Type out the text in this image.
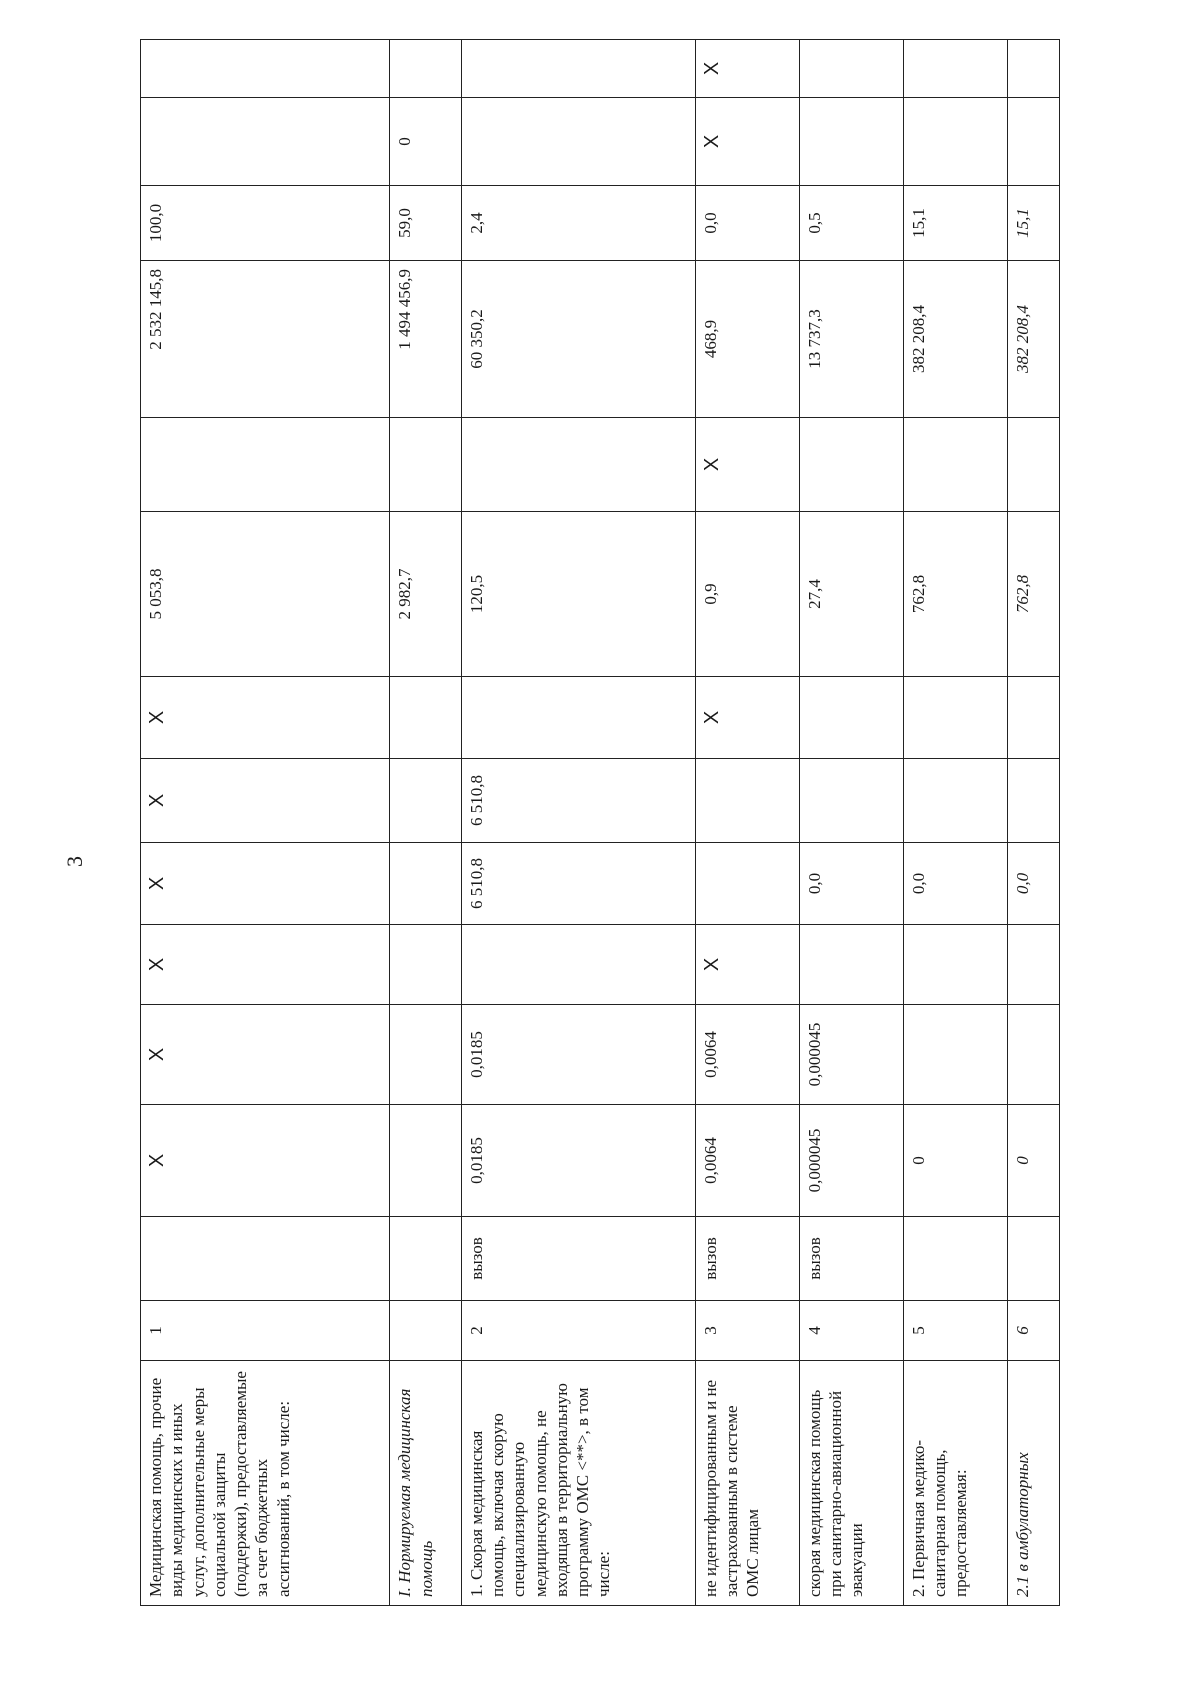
3
Медицинская помощь, прочие виды медицинских и иных услуг, дополнительные меры социальной защиты (поддержки), предоставляемые за счет бюджетных ассигнований, в том числе:	1		X	X	X	X	X	X	5 053,8		2 532 145,8	100,0		
I. Нормируемая медицинская помощь									2 982,7		1 494 456,9	59,0	0	
1. Скорая медицинская помощь, включая скорую специализированную медицинскую помощь, не входящая в территориальную программу ОМС <**>, в том числе:	2	вызов	0,0185	0,0185		6 510,8	6 510,8		120,5		60 350,2	2,4		
не идентифицированным и не застрахованным в системе ОМС лицам	3	вызов	0,0064	0,0064	X			X	0,9	X	468,9	0,0	X	X
скорая медицинская помощь при санитарно-авиационной эвакуации	4	вызов	0,000045	0,000045		0,0			27,4		13 737,3	0,5		
2. Первичная медико-санитарная помощь, предоставляемая:	5		0			0,0			762,8		382 208,4	15,1		
2.1 в амбулаторных	6		0			0,0			762,8		382 208,4	15,1		
